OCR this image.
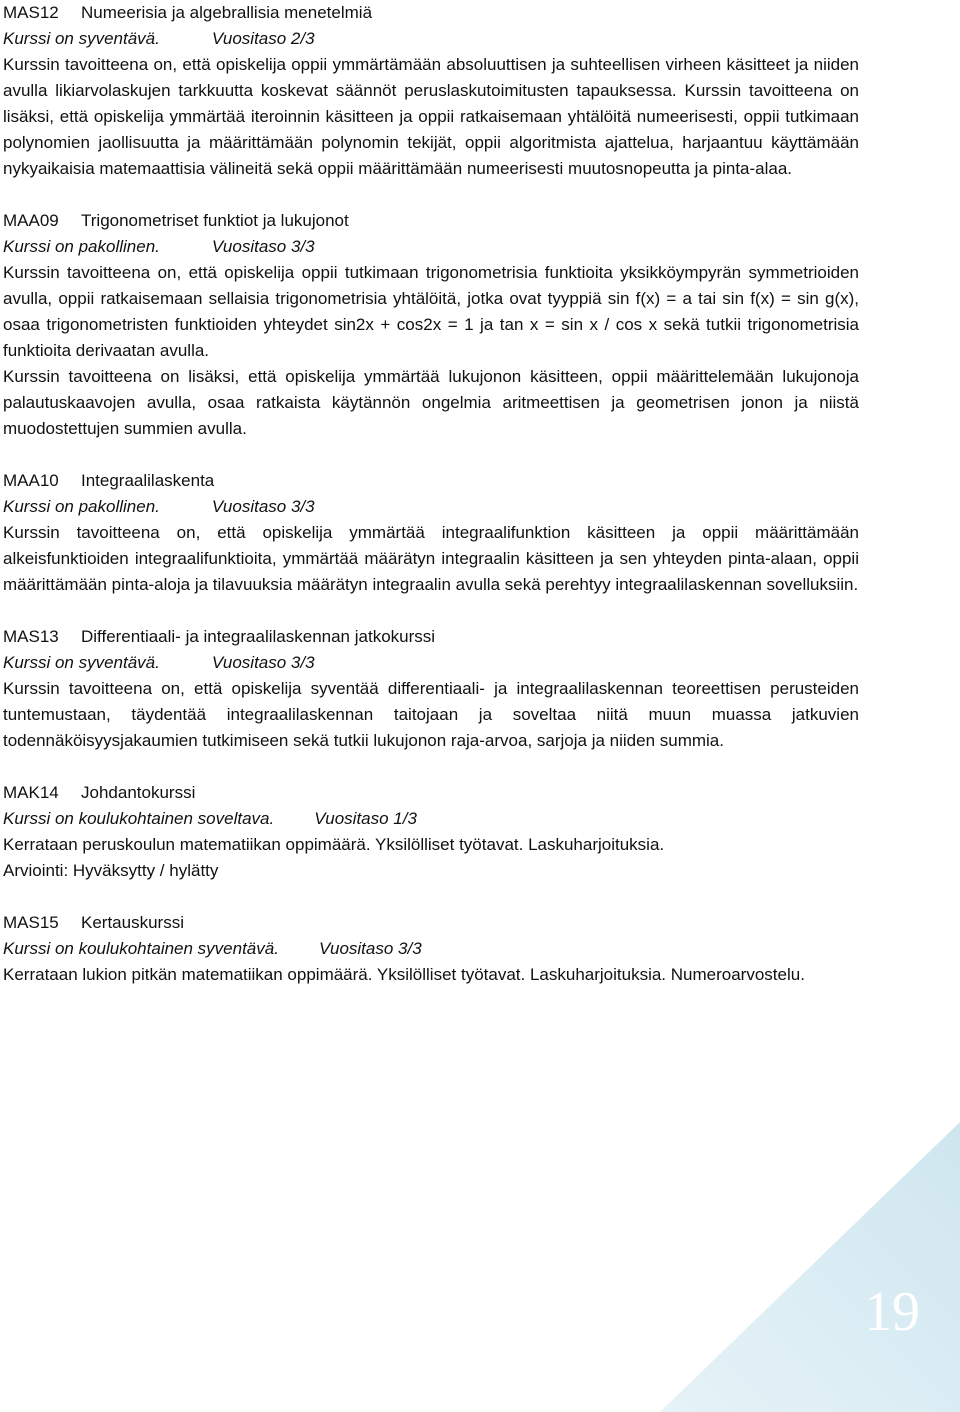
MAS12 Numeerisia ja algebrallisia menetelmiä
Kurssi on syventävä.	Vuositaso 2/3

Kurssin tavoitteena on, että opiskelija oppii ymmärtämään absoluuttisen ja suhteellisen virheen käsitteet ja niiden avulla likiarvolaskujen tarkkuutta koskevat säännöt peruslaskutoimitusten tapauksessa. Kurssin tavoitteena on lisäksi, että opiskelija ymmärtää iteroinnin käsitteen ja oppii ratkaisemaan yhtälöitä numeerisesti, oppii tutkimaan polynomien jaollisuutta ja määrittämään polynomin tekijät, oppii algoritmista ajattelua, harjaantuu käyttämään nykyaikaisia matemaattisia välineitä sekä oppii määrittämään numeerisesti muutosnopeutta ja pinta-alaa.

MAA09 Trigonometriset funktiot ja lukujonot
Kurssi on pakollinen.	Vuositaso 3/3

Kurssin tavoitteena on, että opiskelija oppii tutkimaan trigonometrisia funktioita yksikköympyrän symmetrioiden avulla, oppii ratkaisemaan sellaisia trigonometrisia yhtälöitä, jotka ovat tyyppiä sin f(x) = a tai sin f(x) = sin g(x), osaa trigonometristen funktioiden yhteydet sin2x + cos2x = 1 ja tan x = sin x / cos x sekä tutkii trigonometrisia funktioita derivaatan avulla.

Kurssin tavoitteena on lisäksi, että opiskelija ymmärtää lukujonon käsitteen, oppii määrittelemään lukujonoja palautuskaavojen avulla, osaa ratkaista käytännön ongelmia aritmeettisen ja geometrisen jonon ja niistä muodostettujen summien avulla.

MAA10 Integraalilaskenta
Kurssi on pakollinen.	Vuositaso 3/3

Kurssin tavoitteena on, että opiskelija ymmärtää integraalifunktion käsitteen ja oppii määrittämään alkeisfunktioiden integraalifunktioita, ymmärtää määrätyn integraalin käsitteen ja sen yhteyden pinta-alaan, oppii määrittämään pinta-aloja ja tilavuuksia määrätyn integraalin avulla sekä perehtyy integraalilaskennan sovelluksiin.

MAS13 Differentiaali- ja integraalilaskennan jatkokurssi
Kurssi on syventävä.	Vuositaso 3/3

Kurssin tavoitteena on, että opiskelija syventää differentiaali- ja integraalilaskennan teoreettisen perusteiden tuntemustaan, täydentää integraalilaskennan taitojaan ja soveltaa niitä muun muassa jatkuvien todennäköisyysjakaumien tutkimiseen sekä tutkii lukujonon raja-arvoa, sarjoja ja niiden summia.

MAK14 Johdantokurssi
Kurssi on koulukohtainen soveltava. Vuositaso 1/3

Kerrataan peruskoulun matematiikan oppimäärä. Yksilölliset työtavat. Laskuharjoituksia.

Arviointi: Hyväksytty / hylätty

MAS15 Kertauskurssi
Kurssi on koulukohtainen syventävä. Vuositaso 3/3

Kerrataan lukion pitkän matematiikan oppimäärä. Yksilölliset työtavat. Laskuharjoituksia. Numeroarvostelu.

19
